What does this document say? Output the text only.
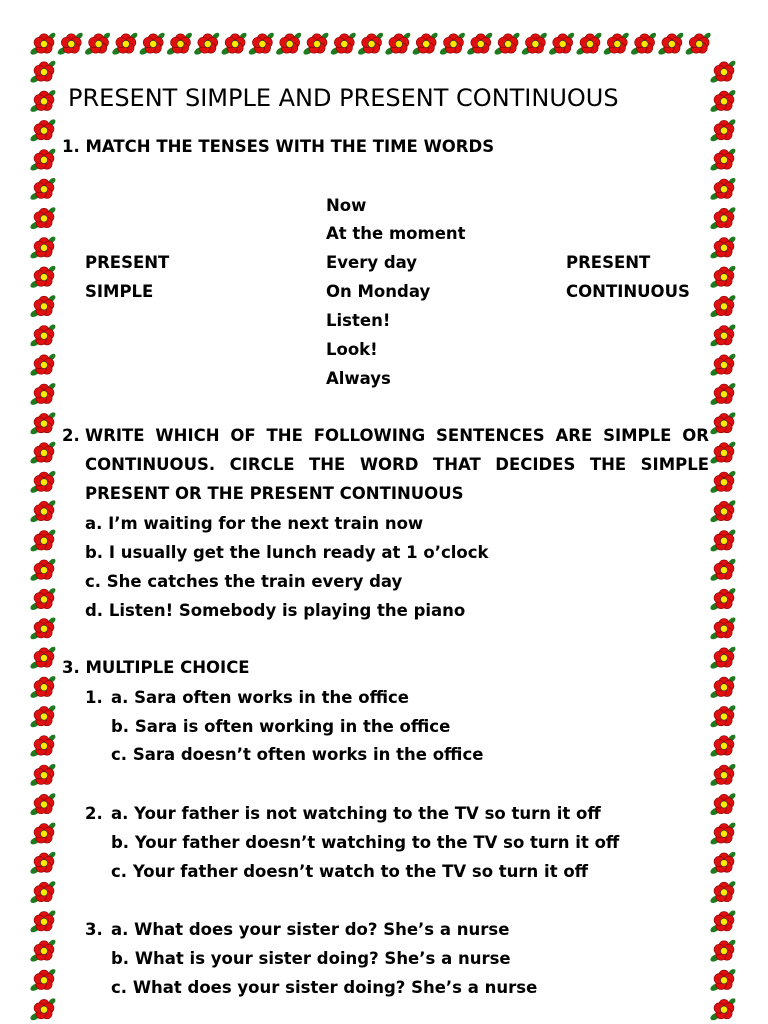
PRESENT SIMPLE AND PRESENT CONTINUOUS
1. MATCH THE TENSES WITH THE TIME WORDS
PRESENT
SIMPLE
PRESENT
CONTINUOUS
Now
At the moment
Every day
On Monday
Listen!
Look!
Always
2. WRITE WHICH OF THE FOLLOWING SENTENCES ARE SIMPLE OR
CONTINUOUS. CIRCLE THE WORD THAT DECIDES THE SIMPLE
PRESENT OR THE PRESENT CONTINUOUS
a. I’m waiting for the next train now
b. I usually get the lunch ready at 1 o’clock
c. She catches the train every day
d. Listen! Somebody is playing the piano
3. MULTIPLE CHOICE
1. a. Sara often works in the office
b. Sara is often working in the office
c. Sara doesn’t often works in the office
2. a. Your father is not watching to the TV so turn it off
b. Your father doesn’t watching to the TV so turn it off
c. Your father doesn’t watch to the TV so turn it off
3. a. What does your sister do? She’s a nurse
b. What is your sister doing? She’s a nurse
c. What does your sister doing? She’s a nurse
